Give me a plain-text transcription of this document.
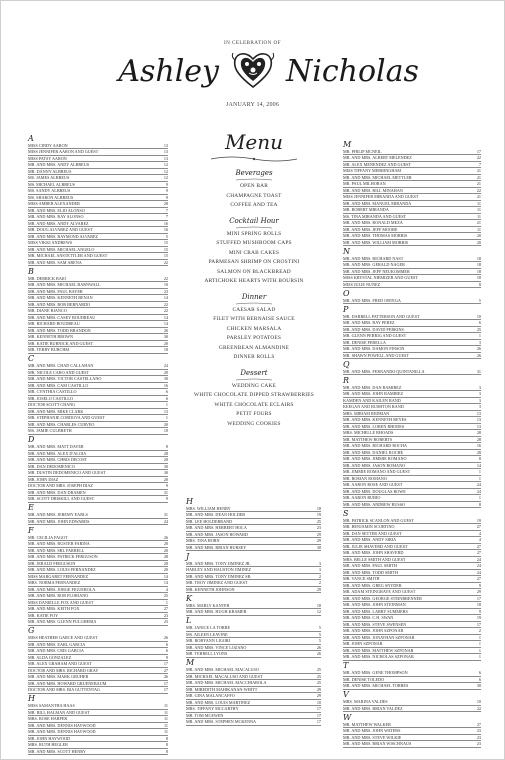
IN CELEBRATION OF
Ashley Nicholas
JANUARY 14, 2006
A
MISS CINDY AARON	13
MISS JENNIFER AARON AND GUEST	13
MISS PATSY AARON	13
MR. AND MRS. ANDY ALBREUS	12
MR. DANNY ALBREUS	12
MS. JAMES ALBREUS	12
MS. MICHAEL ALBREUS	9
MS. SANDY ALBREUS	9
MS. SHARON ALBREUS	9
MISS AMBER ALEXANDER	28
MR. AND MRS. ELIO ALONSO	7
MR. AND MRS. RAY ALONSO	7
MR. AND MRS. ANDY ALVAREZ	16
MR. DOUG ALVAREZ AND GUEST	16
MR. AND MRS. RAYMOND ALVAREZ	5
MISS VIKKI ANDREWS	15
MR. AND MRS. MICHAEL ANGELO	15
MR. MICHAEL ANSTETTLER AND GUEST	15
MR. AND MRS. SAM ARENA	22
B
MR. DERRICK BAIO	22
MR. AND MRS. MICHAEL BARNWALL	10
MR. AND MRS. PAUL BAYER	23
MR. AND MRS. KENNETH BENAN	14
MR. AND MRS. BOB BERNARDO	22
MR. DIANE BIANCO	22
MR. AND MRS. CASEY BOUDREAU	14
MR. RICHARD BOUDREAU	14
MR. AND MRS. TODD BRANDON	26
MR. KENNETH BROWN	30
MR. KATIE BURNICK AND GUEST	20
MR. TERRY BURCHM	18
C
MR. AND MRS. CHAD CALLAHAN	24
MR. NICOLE CARO AND GUEST	29
MR. AND MRS. VICTOR CASTELLANO	30
MR. AND MRS. CAM CASTILLO	16
MR. CYNTHIA CASTILLO	6
MR. JOSELO CASTILLO	6
DOCTOR SCOTT CHANG	1
MR. AND MRS. MIKE CLARK	13
MR. STEPHANIE CORDOVA AND GUEST	1
MR. AND MRS. CHARLES CURVEO	20
MS. JAMIE CULBRETH	10
D
MR. AND MRS. MATT DAVER	8
MR. AND MRS. ALEX D'ALOIA	28
MR. AND MRS. CHRIS DECOST	20
MR. DAN DEDOMENICO	30
MR. DUSTIN DEDOMENICO AND GUEST	30
MR. JOHN DIAZ	20
DOCTOR AND MRS. JOSEPH DIAZ	9
MR. AND MRS. DAN DRAMEN	31
MR. SCOTT DRISKILL AND GUEST	9
E
MR. AND MRS. JEREMY EARLS	31
MR. AND MRS. JOHN EDWARDS	24
F
MR. CECILIA FAGOT	26
MR. AND MRS. BUSTER FARINA	20
MR. AND MRS. SRL FARRELL	20
MR. AND MRS. PATRICK FERGUSON	28
MR. JERALD FERGUSON	20
MR. AND MRS. LOUIS FERNANDEZ	20
MISS MARGARET FERNANDEZ	14
MRS. NORMA FERNANDEZ	14
MR. AND MRS. JORGE FIGUEROLA	4
MR. AND MRS. ROB FLORIANO	25
MISS DANIELLE FOX AND GUEST	1
MR. AND MRS. KEITH FOX	27
MR. KATIE FOY	23
MR. AND MRS. GLENN FULGHERIA	23
G
MISS HEATHER GARCE AND GUEST	26
MR. AND MRS. EARL GARCIA	6
MR. AND MRS. CRIS GARCIA	6
MR. ALDA GONZALEZ	9
MR. ALEX GRAHAM AND GUEST	17
DOCTOR AND MRS. RICHARD GRAY	27
MR. AND MRS. MARK GRUHER	26
MR. AND MRS. HOWARD GRUENEBAUM	17
DOCTOR AND MRS. BIA GUTTENTAG	17
H
MISS SAMANTHA HAAS	11
MR. BILL HALMAN AND GUEST	11
MRS. ROSE HARPER	11
MR. AND MRS. DENNIS HAYWOOD	11
MR. AND MRS. DENNIS HAYWOOD	11
MR. JOHN HAYWOOD	8
MRS. RUTH HEGLER	8
MR. AND MRS. SCOTT HENRY	8
Menu
Beverages
OPEN BAR
CHAMPAGNE TOAST
COFFEE AND TEA
Cocktail Hour
MINI SPRING ROLLS
STUFFED MUSHROOM CAPS
MINI CRAB CAKES
PARMESAN SHRIMP ON CROSTINI
SALMON ON BLACKBREAD
ARTICHOKE HEARTS WITH BOURSIN
Dinner
CAESAR SALAD
FILET WITH BERNAISE SAUCE
CHICKEN MARSALA
PARSLEY POTATOES
GREENBEAN ALMANDINE
DINNER ROLLS
Dessert
WEDDING CAKE
WHITE CHOCOLATE DIPPED STRAWBERRIES
WHITE CHOCOLATE ECLAIRS
PETIT FOURS
WEDDING COOKIES
H
MRS. WILLIAM HENRY	18
MR. AND MRS. DEAN HOLDER	19
MR. LEE HOLDEBRAND	25
MR. AND MRS. HERBERT HOLA	23
MR. AND MRS. JASON HOWARD	29
MRS. TINA HORN	29
MR. AND MRS. BRIAN HURSEY	30
J
MR. AND MRS. TONY JIMINEZ JR.	3
HARLEY AND HAUSTON JIMINEZ	3
MR. AND MRS. TONY JIMINEZ SR.	2
MR. TROY JIMINEZ AND GUEST	2
MR. KENNETH JOHNSON	29
K
MRS. MARLY KANTER	18
MR. AND MRS. HUGH KRAMER	12
L
MR. JANICE LA TORRE	5
MS. AILEEN LEAVINE	5
MR. ROBYANN LIGORI	5
MR. AND MRS. VINCE LOZANO	26
MR. TERRELL LYONS	26
M
MR. AND MRS. MICHAEL MACALUSO	25
MR. MICHAEL MACALUSO AND GUEST	25
MR. AND MRS. MICHAEL MACCHIAROLA	25
MR. MIREDITH MAHIKANAN-WHITT	29
MR. GINA MALANCAFFO	29
MR. AND MRS. LOUIS MARTINEZ	10
MRS. TIFFANY MCCARTHY	17
MR. TOM MCEWEN	17
MR. AND MRS. STEPHEN MCKENNA	17
M
MR. PHILIP MCNEIL	17
MR. AND MRS. ALBERT MELENDEZ	22
MR. ALEX MENENDEZ AND GUEST	7
MISS TIFFANY MERRINGHAM	21
MR. AND MRS. MICHAEL METTLER	21
MR. PAUL MILHORAN	21
MR. AND MRS. BILL MINAHAN	22
MISS JENNIFER MIRANDA AND GUEST	21
MR. AND MRS. MANUEL MIRANDA	11
MR. ROBERT MIRANDA	11
MS. TINA MIRANDA AND GUEST	11
MR. AND MRS. RONALD MEZA	21
MR. AND MRS. JEFF MOORE	11
MR. AND MRS. THOMAS MORRIS	20
MR. AND MRS. WILLIAM MORRIS	20
N
MR. AND MRS. RICHARD NAST	18
MR. AND MRS. GERALD NAGER	18
MR. AND MRS. JEFF NEUKOMMER	18
MISS KRYSTAL NIEMIZER AND GUEST	18
MISS JULIE NUNEZ	8
O
MR. AND MRS. FRED ORTEGA	5
P
MR. DARRELL PATTERSON AND GUEST	10
MR. AND MRS. RAY PEREZ	6
MR. AND MRS. DAVID PERKINS	25
MR. GLENN PERRIG AND GUEST	1
MR. DENISE PERELLA	3
MR. AND MRS. DAMON PINSON	26
MR. SHAWN POWELL AND GUEST	26
Q
MR. AND MRS. FERNANDO QUINTANILLA	31
R
MR. AND MRS. DAN RAMIREZ	3
MR. AND MRS. JOHN RAMIREZ	3
KAMDEN AND KAILEN RAND	3
KEEGAN AND RUSHTON RAND	3
MRS. MIRIAM REDMAN	13
MR. AND MRS. KENNETH REYES	13
MR. AND MRS. LOREN RHODES	13
MRS. MICHELLE RHOADS	28
MR. MATTHEW ROBERTS	28
MR. AND MRS. RICHARD ROCHA	16
MR. AND MRS. DANIEL ROCHE	28
MR. AND MRS. JIMMIE ROMANO	8
MR. AND MRS. JASON ROMANO	14
MR. JIMMIE ROMANO AND GUEST	1
MR. ROMAN ROMANO	1
MR. AARON ROSE AND GUEST	24
MR. AND MRS. DOUGLAS ROWE	24
MR. AARON RUBIO	1
MR. AND MRS. ANDREW RUSSO	8
S
MR. PATRICK SCANLON AND GUEST	19
MR. BENJAMIN SCORTINO	27
MR. DAN SETTER AND GUEST	4
MR. AND MRS. ANDY SIBIA	4
MR. JULIE SHAVERD AND GUEST	27
MR. AND MRS. JOHN SHAVERD	27
MRS. BELLE SMITH AND GUEST	24
MR. AND MRS. PAUL SMITH	24
MR. AND MRS. TODD SMITH	24
MR. VANCE SMITH	27
MR. AND MRS. GREG SNYDER	9
MR. ADAM STEINGRAVE AND GUEST	29
MR. AND MRS. GEORGE STEINBRENNER	17
MR. AND MRS. JOHN STEINMAN	18
MR. AND MRS. LARRY SUMMERS	9
MR. AND MRS. C.H. SWAN	19
MR. AND MRS. STEVE SWENSEN	17
MR. AND MRS. JOHN SZPONAR	2
MR. AND MRS. JONATHAN SZPONAR	1
MR. JOHN SZPONAR	1
MR. AND MRS. MATTHEW SZPONAR	1
MR. AND MRS. NICHOLAS SZPONAR	1
T
MR. AND MRS. GENE THOMPSON	6
MR. DENISE TOLEDO	6
MR. AND MRS. MICHAEL TORRES	30
V
MRS. MARINA VALDES	10
MR. AND MRS. BRIAN VALDEZ	22
W
MR. MATTHEW WALKER	27
MR. AND MRS. JOHN WATERS	23
MR. AND MRS. STEVE WILKIE	23
MR. AND MRS. BRIAN WISCHNAUS	23
